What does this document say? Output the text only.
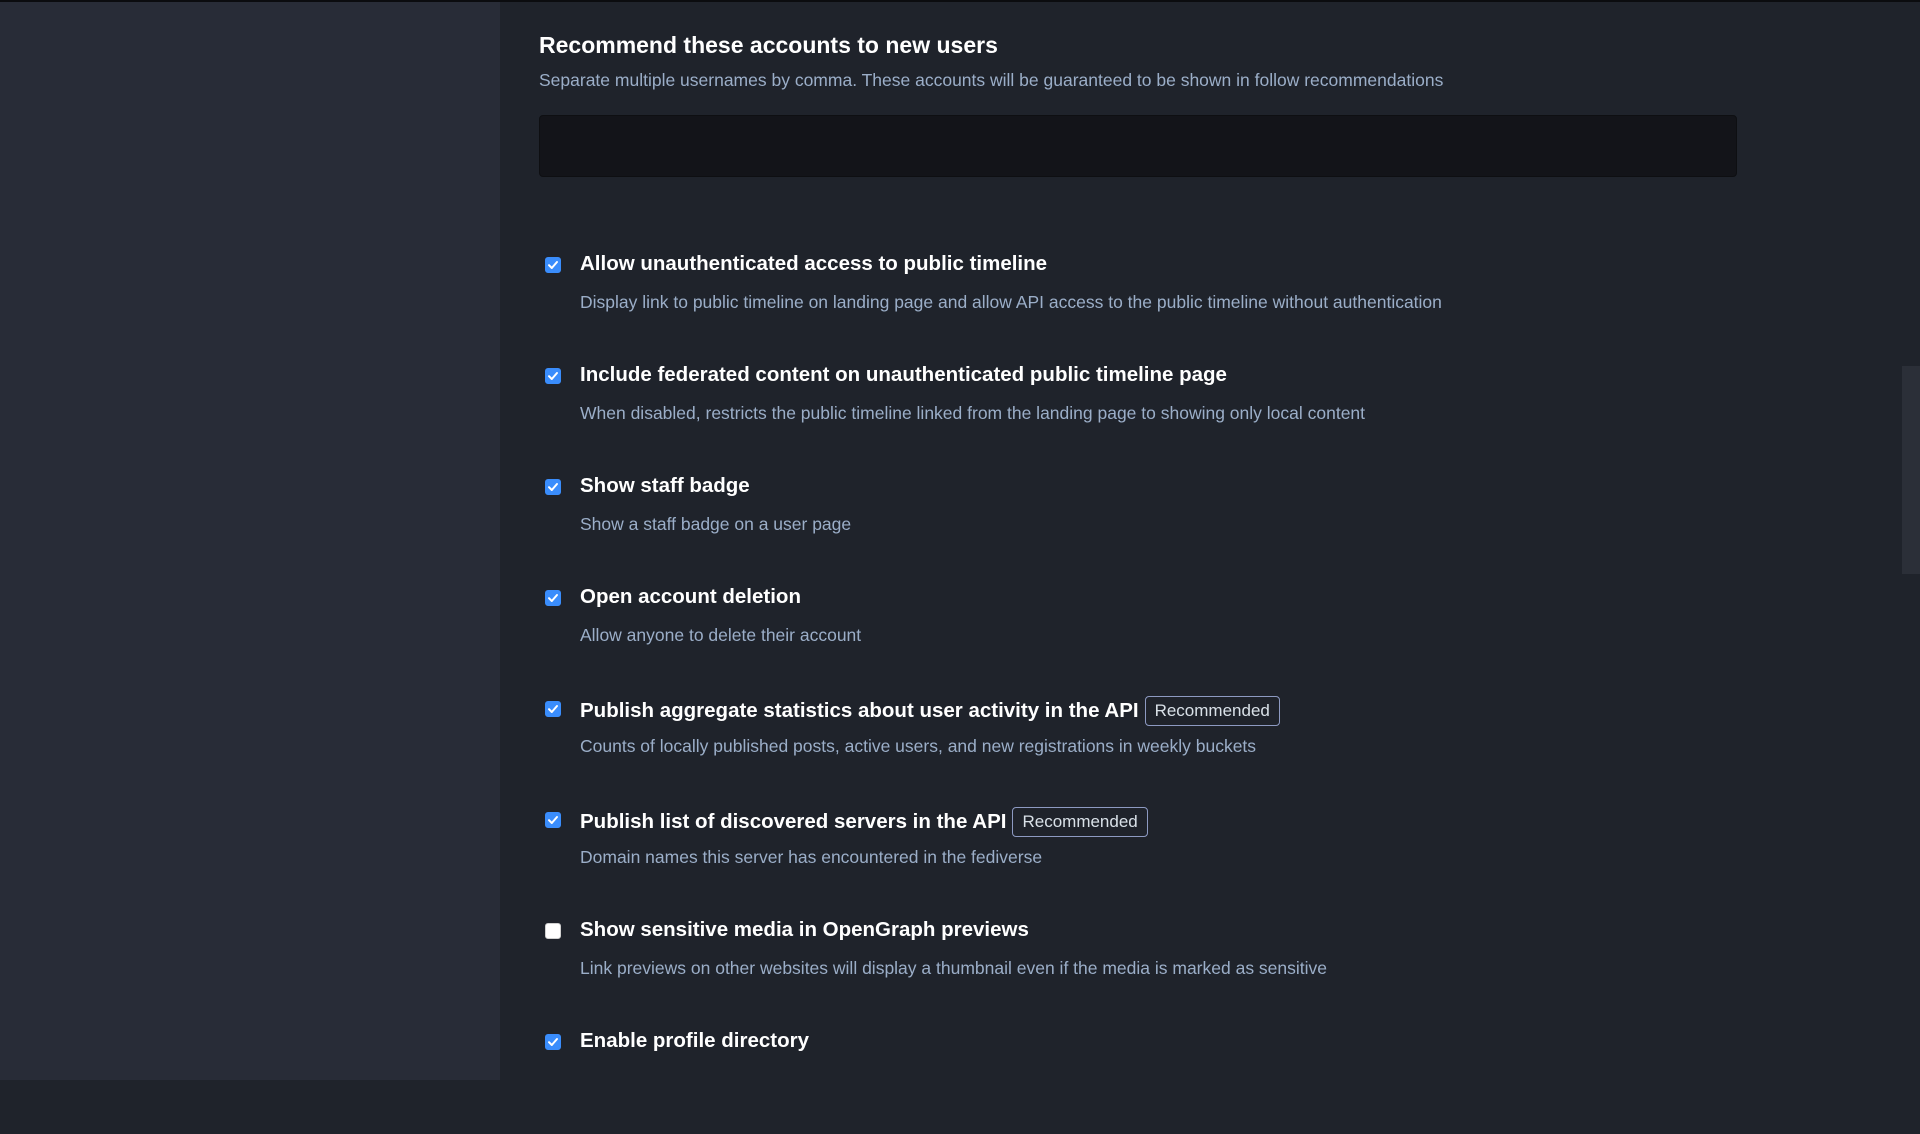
Recommend these accounts to new users
Separate multiple usernames by comma. These accounts will be guaranteed to be shown in follow recommendations
Allow unauthenticated access to public timeline
Display link to public timeline on landing page and allow API access to the public timeline without authentication
Include federated content on unauthenticated public timeline page
When disabled, restricts the public timeline linked from the landing page to showing only local content
Show staff badge
Show a staff badge on a user page
Open account deletion
Allow anyone to delete their account
Publish aggregate statistics about user activity in the API Recommended
Counts of locally published posts, active users, and new registrations in weekly buckets
Publish list of discovered servers in the API Recommended
Domain names this server has encountered in the fediverse
Show sensitive media in OpenGraph previews
Link previews on other websites will display a thumbnail even if the media is marked as sensitive
Enable profile directory
